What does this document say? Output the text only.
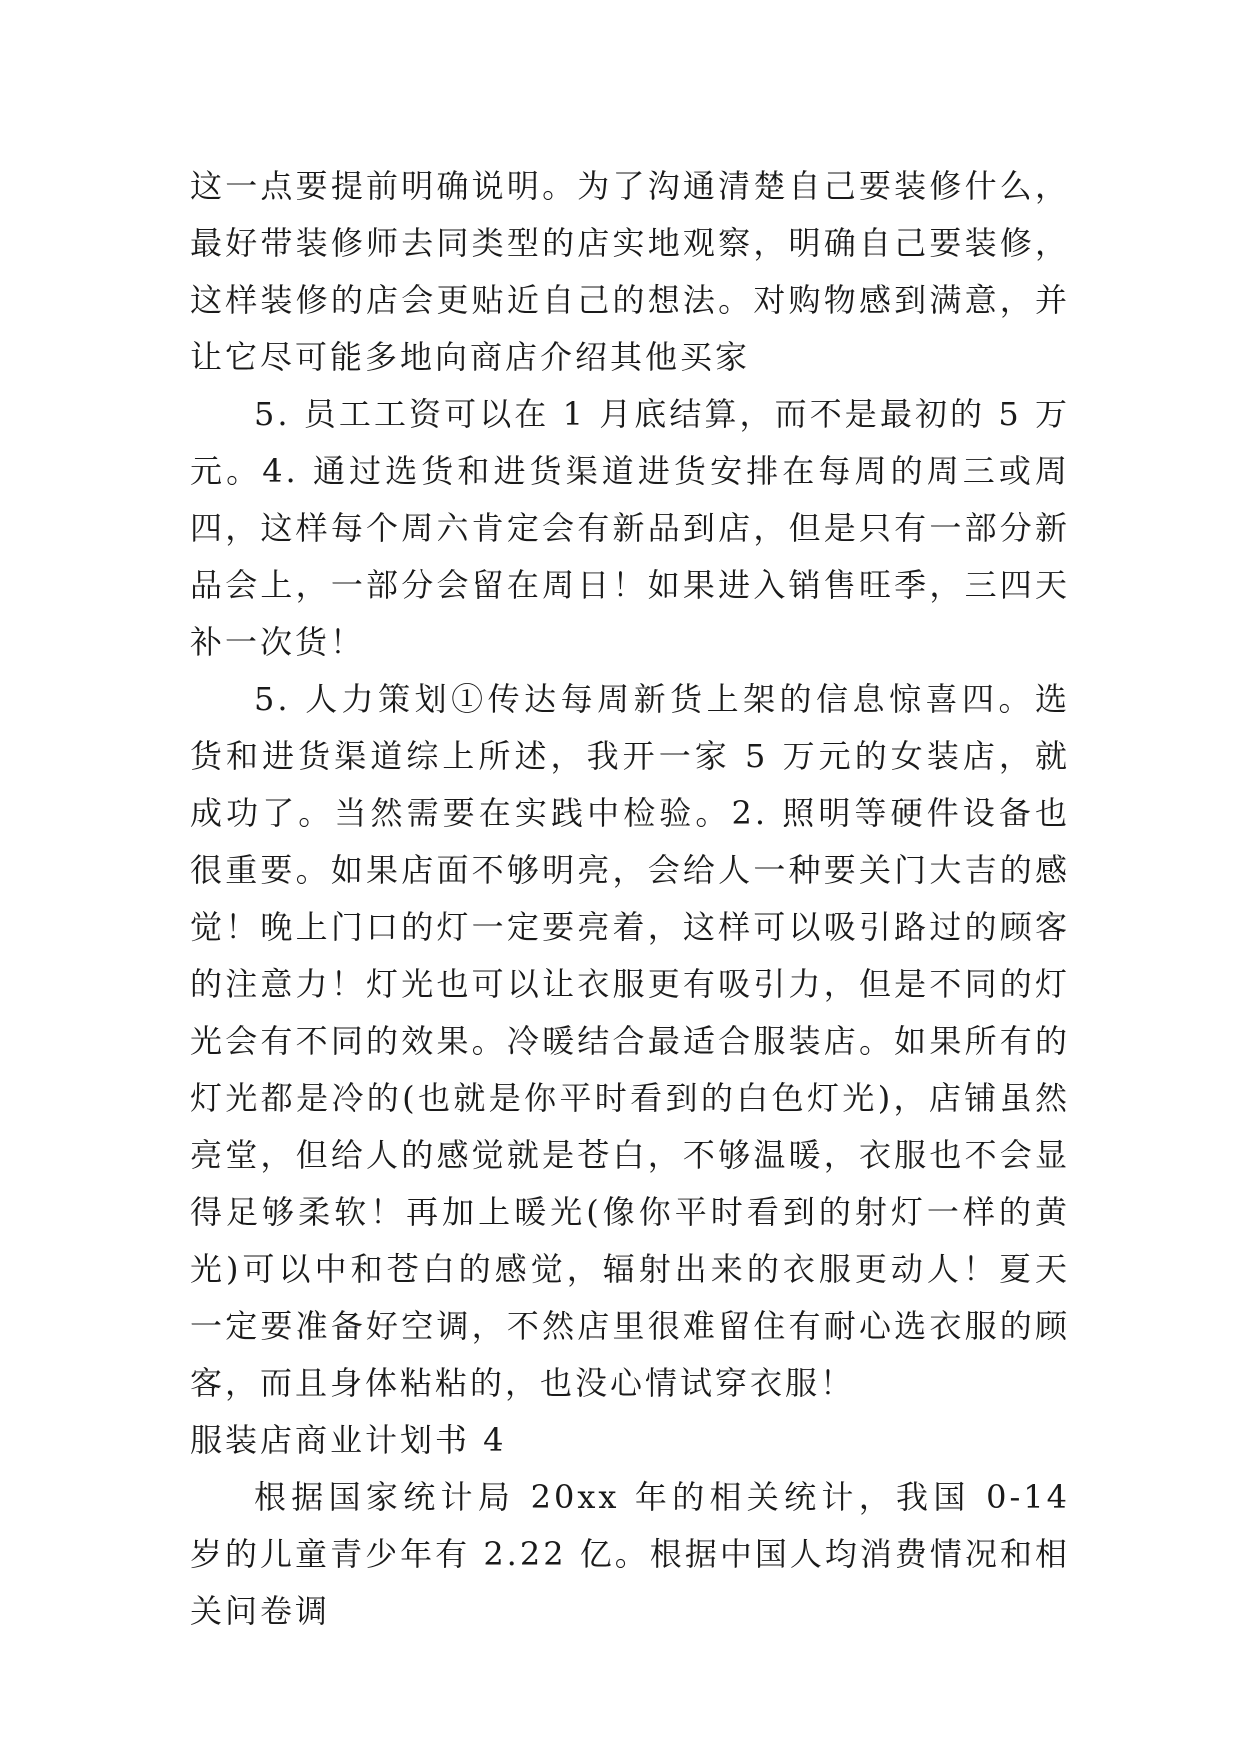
这一点要提前明确说明。为了沟通清楚自己要装修什么，最好带装修师去同类型的店实地观察，明确自己要装修，这样装修的店会更贴近自己的想法。对购物感到满意，并让它尽可能多地向商店介绍其他买家

5. 员工工资可以在 1 月底结算，而不是最初的 5 万元。4. 通过选货和进货渠道进货安排在每周的周三或周四，这样每个周六肯定会有新品到店，但是只有一部分新品会上，一部分会留在周日！如果进入销售旺季，三四天补一次货！

5. 人力策划①传达每周新货上架的信息惊喜四。选货和进货渠道综上所述，我开一家 5 万元的女装店，就成功了。当然需要在实践中检验。2. 照明等硬件设备也很重要。如果店面不够明亮，会给人一种要关门大吉的感觉！晚上门口的灯一定要亮着，这样可以吸引路过的顾客的注意力！灯光也可以让衣服更有吸引力，但是不同的灯光会有不同的效果。冷暖结合最适合服装店。如果所有的灯光都是冷的(也就是你平时看到的白色灯光)，店铺虽然亮堂，但给人的感觉就是苍白，不够温暖，衣服也不会显得足够柔软！再加上暖光(像你平时看到的射灯一样的黄光)可以中和苍白的感觉，辐射出来的衣服更动人！夏天一定要准备好空调，不然店里很难留住有耐心选衣服的顾客，而且身体粘粘的，也没心情试穿衣服！

服装店商业计划书 4

根据国家统计局 20xx 年的相关统计，我国 0-14 岁的儿童青少年有 2.22 亿。根据中国人均消费情况和相关问卷调
